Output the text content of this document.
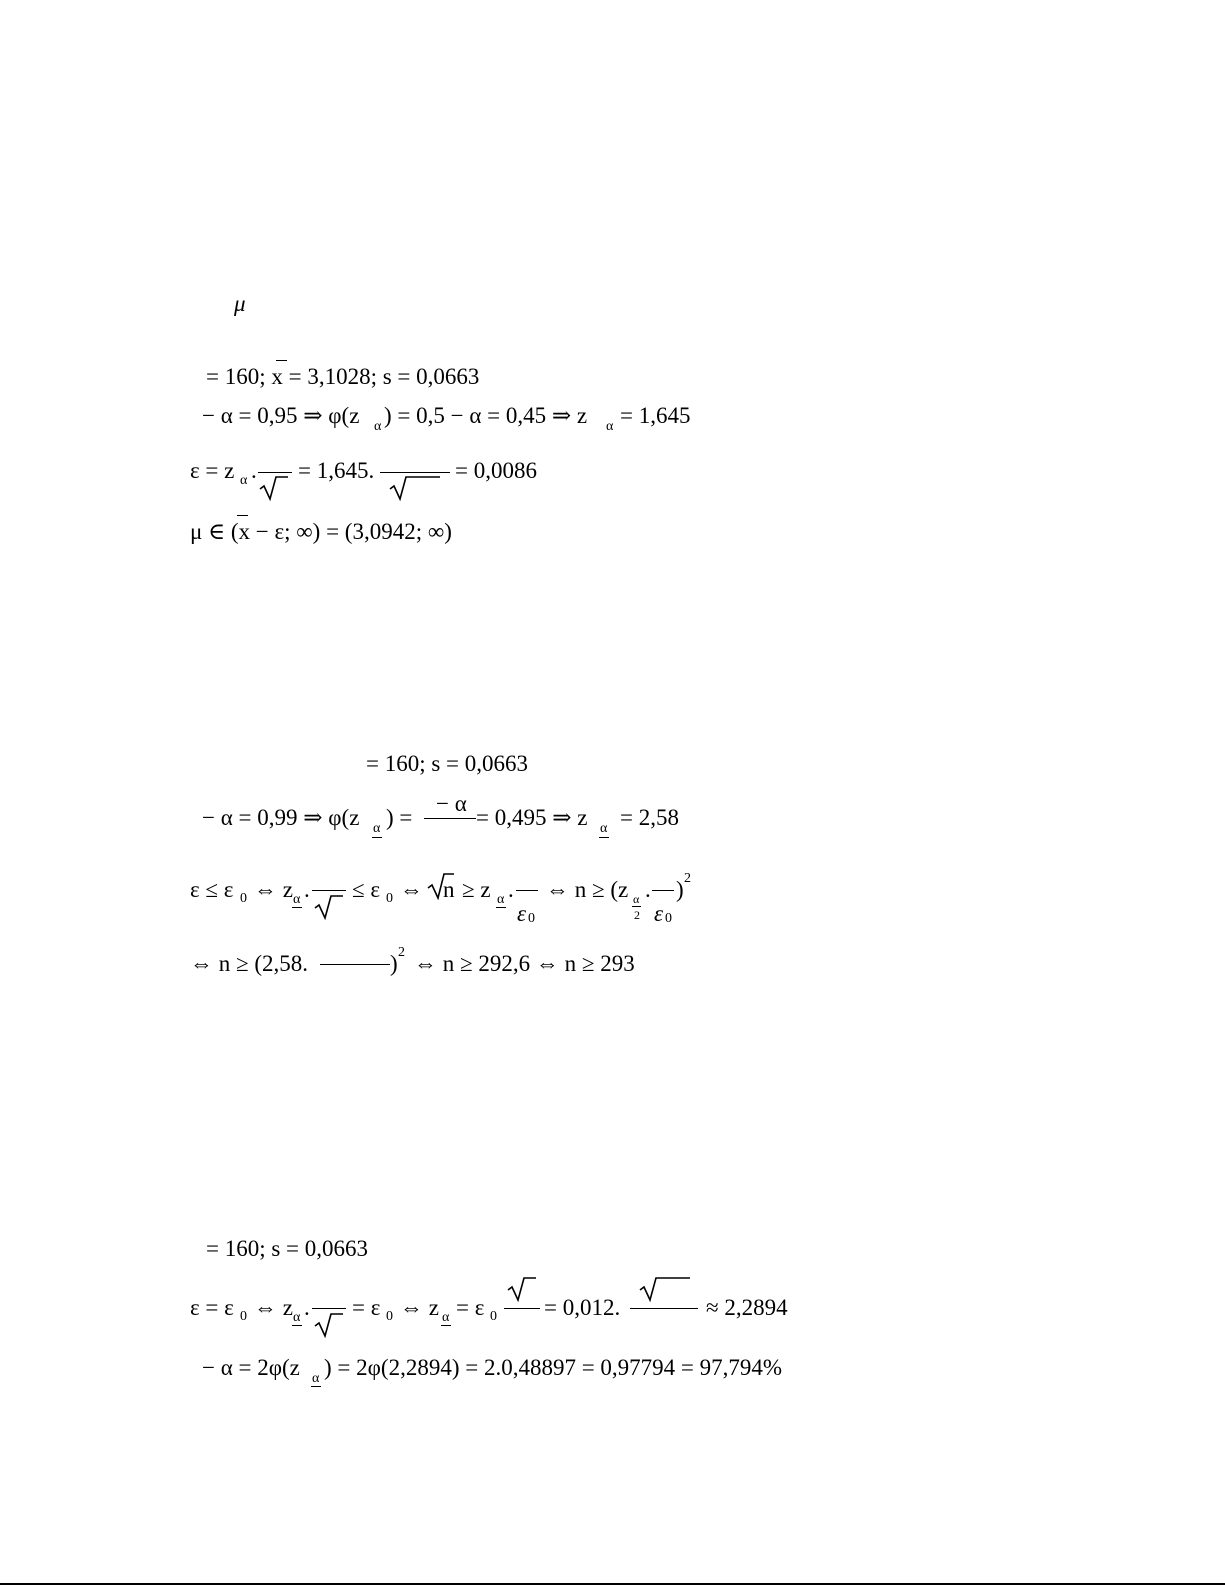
μ
= 160; x = 3,1028; s = 0,0663
− α = 0,95 ⇒ φ(z α ) = 0,5 − α = 0,45 ⇒ z α = 1,645
ε = z α . = 1,645.	= 0,0086
μ ∈ (x − ε; ∞) = (3,0942; ∞)
= 160; s = 0,0663
− α = 0,99 ⇒ φ(z α ) =
− α
= 0,495 ⇒ z α = 2,58
ε ≤ ε 0 ⇔ z α . ≤ ε 0 ⇔ n ≥ z α .
ε 0
⇔ n ≥ (z α
2
.
ε 0
) 2
⇔ n ≥ (2,58.	) 2 ⇔ n ≥ 292,6 ⇔ n ≥ 293
= 160; s = 0,0663
ε = ε 0 ⇔ z α . = ε 0 ⇔ z α = ε 0 = 0,012.	≈ 2,2894
− α = 2φ(z α ) = 2φ(2,2894) = 2.0,48897 = 0,97794 = 97,794%
